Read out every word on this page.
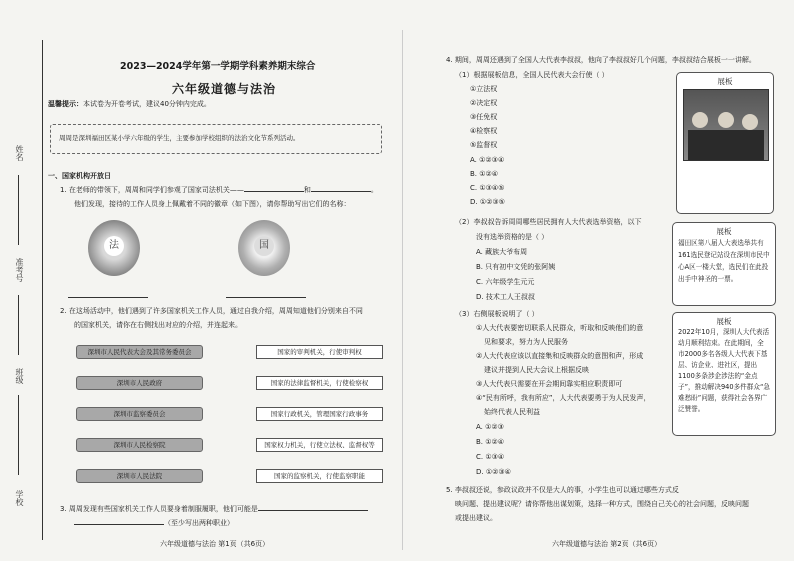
姓名
准考号
班级
学校
2023—2024学年第一学期学科素养期末综合
六年级道德与法治
温馨提示：本试卷为开卷考试，建议40分钟内完成。
周周是深圳福田区某小学六年级的学生，主要参加学校组织的法治文化节系列活动。
一、国家机构开放日
1. 在老师的带领下，周周和同学们参观了国家司法机关——	和	。
他们发现，接待的工作人员身上佩戴着不同的徽章（如下图），请你帮助写出它们的名称：
法	国
2. 在这场活动中，他们遇到了许多国家机关工作人员，通过自我介绍，周周知道他们分别来自不同
的国家机关，请你在右侧找出对应的介绍，并连起来。
深圳市人民代表大会及其常务委员会
深圳市人民政府
深圳市监察委员会
深圳市人民检察院
深圳市人民法院
国家的审判机关，行使审判权
国家的法律监督机关，行使检察权
国家行政机关，管理国家行政事务
国家权力机关，行使立法权、监督权等
国家的监察机关，行使监察职能
3. 周周发现有些国家机关工作人员要身着制服履职，他们可能是
（至少写出两种职业）
六年级道德与法治 第1页（共6页）
4. 期间，周周还遇到了全国人大代表李叔叔，他向了李叔叔好几个问题，李叔叔结合展板一一讲解。
（1）根据展板信息，全国人民代表大会行使（ ）
①立法权
②决定权
③任免权
④检察权
⑤监督权
A. ①②③④
B. ①②④
C. ①③④⑤
D. ①②③⑤
（2）李叔叔告诉周周哪些居民拥有人大代表选举资格，以下
没有选举资格的是（ ）
A. 藏族大爷布周
B. 只有初中文凭的张阿姨
C. 六年级学生元元
D. 技术工人王叔叔
（3）右侧展板说明了（ ）
①人大代表要密切联系人民群众，听取和反映他们的意
见和要求，努力为人民服务
②人大代表应该以直接集和反映群众的意图和声，形成
建议并提到人民大会议上根据反映
③人大代表只需要在开会期间靠实相应职责即可
④“民有所呼，我有所应”，人大代表要勇于为人民发声，
始终代表人民利益
A. ①②③
B. ①②④
C. ①③④
D. ①②③④
展板
展板
福田区第八届人大表选举共有161选民登记站设在深圳市民中心A区一楼大堂，选民们在此投出手中神圣的一票。
展板
2022年10月，深圳人大代表活动月顺利结束。在此期间，全市2000多名各级人大代表下基层、访企业、进社区，提出1100多条涉企涉法的“金点子”，推动解决940多件群众“急难愁盼”问题，获得社会各界广泛赞誉。
5. 李叔叔还说，参政议政并不仅是大人的事，小学生也可以通过哪些方式反
映问题、提出建议呢？请你帮他出谋划策，选择一种方式，围绕自己关心的社会问题，反映问题
或提出建议。
六年级道德与法治 第2页（共6页）
